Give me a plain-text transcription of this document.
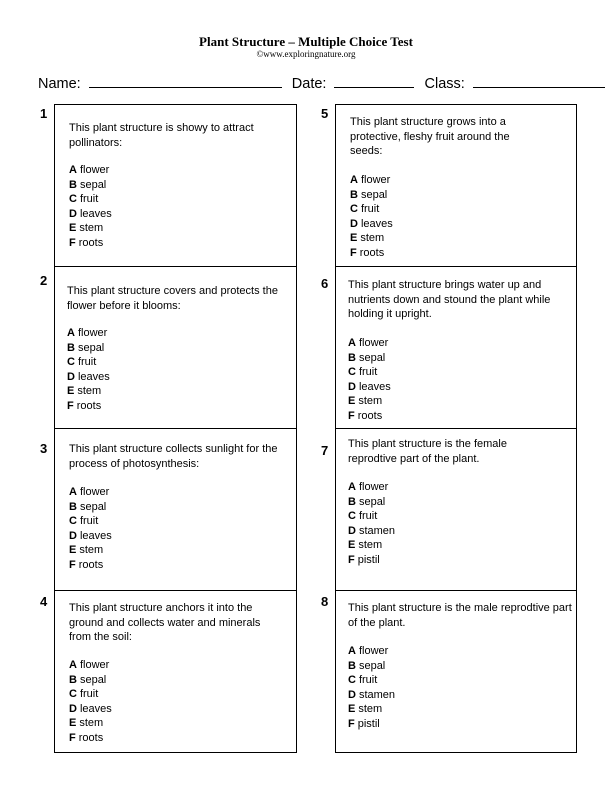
Plant Structure – Multiple Choice Test
©www.exploringnature.org
Name:	Date:	Class:
1
This plant structure is showy to attract pollinators:
A flower
B sepal
C fruit
D leaves
E stem
F roots
2
This plant structure covers and protects the flower before it blooms:
A flower
B sepal
C fruit
D leaves
E stem
F roots
3 This plant structure collects sunlight for the process of photosynthesis:
A flower
B sepal
C fruit
D leaves
E stem
F roots
4 This plant structure anchors it into the ground and collects water and minerals from the soil:
A flower
B sepal
C fruit
D leaves
E stem
F roots
5
This plant structure grows into a protective, fleshy fruit around the seeds:
A flower
B sepal
C fruit
D leaves
E stem
F roots
6 This plant structure brings water up and nutrients down and stound the plant while holding it upright.
A flower
B sepal
C fruit
D leaves
E stem
F roots
7 This plant structure is the female reprodtive part of the plant.
A flower
B sepal
C fruit
D stamen
E stem
F pistil
8 This plant structure is the male reprodtive part of the plant.
A flower
B sepal
C fruit
D stamen
E stem
F pistil
